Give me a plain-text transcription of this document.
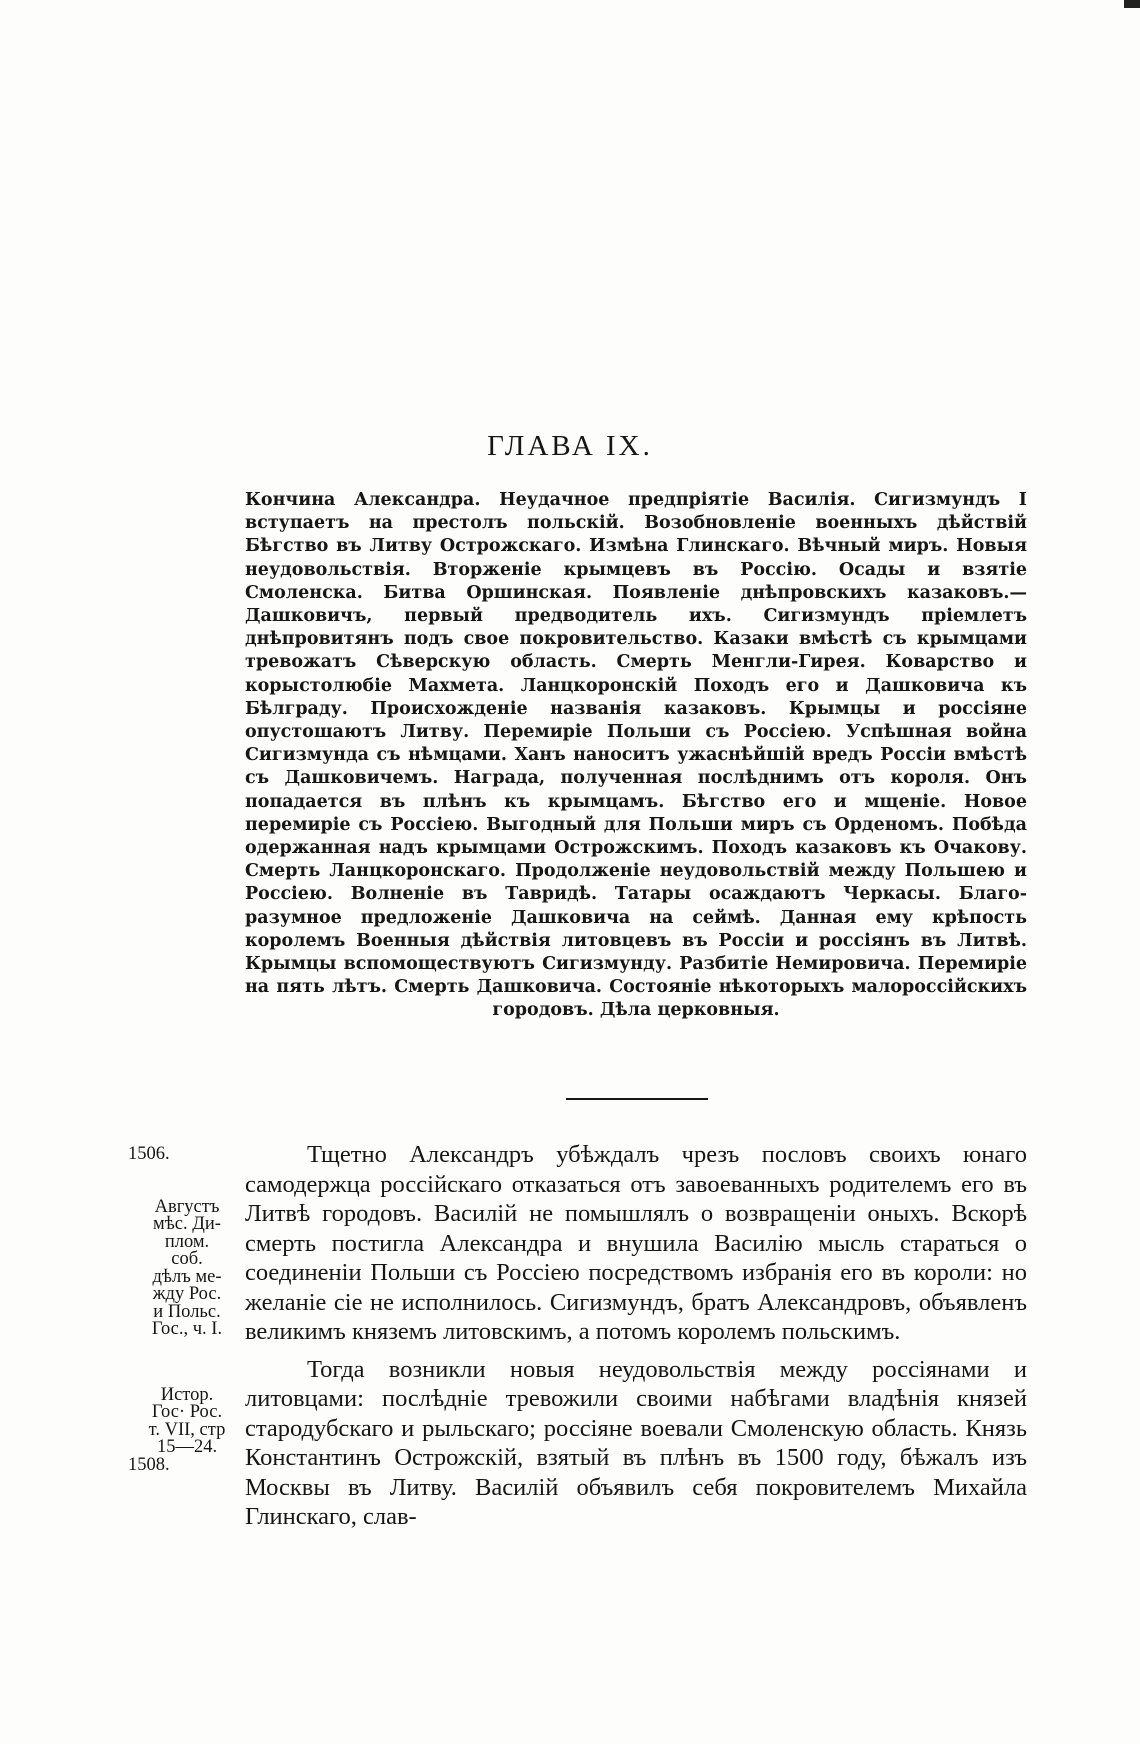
ГЛАВА IX.

Кончина Александра. Неудачное предпріятіе Василія. Сигизмундъ I вступаетъ на престолъ польскій. Возобновленіе военныхъ дѣйствій Бѣгство въ Литву Острожскаго. Измѣна Глинскаго. Вѣчный миръ. Новыя неудовольствія. Вторженіе крымцевъ въ Россію. Осады и взятіе Смоленска. Битва Оршинская. Появленіе днѣпровскихъ казаковъ.—Дашковичъ, первый предводитель ихъ. Сигизмундъ пріемлетъ днѣпровитянъ подъ свое покровительство. Казаки вмѣстѣ съ крымцами тревожатъ Сѣверскую область. Смерть Менгли-Гирея. Коварство и корыстолюбіе Махмета. Ланцкоронскій Походъ его и Дашковича къ Бѣлграду. Происхожденіе названія казаковъ. Крымцы и россіяне опустошаютъ Литву. Перемиріе Польши съ Россіею. Успѣшная война Сигизмунда съ нѣмцами. Ханъ наноситъ ужаснѣйшій вредъ Россіи вмѣстѣ съ Дашковичемъ. Награда, полученная послѣднимъ отъ короля. Онъ попадается въ плѣнъ къ крымцамъ. Бѣгство его и мщеніе. Новое перемиріе съ Россіею. Выгодный для Польши миръ съ Орденомъ. Побѣда одержанная надъ крымцами Острожскимъ. Походъ казаковъ къ Очакову. Смерть Ланцкоронскаго. Продолженіе неудовольствій между Польшею и Россіею. Волненіе въ Тавридѣ. Татары осаждаютъ Черкасы. Благоразумное предложеніе Дашковича на сеймѣ. Данная ему крѣпость королемъ Военныя дѣйствія литовцевъ въ Россіи и россіянъ въ Литвѣ. Крымцы вспомоществуютъ Сигизмунду. Разбитіе Немировича. Перемиріе на пять лѣтъ. Смерть Дашковича. Состояніе нѣкоторыхъ малороссійскихъ городовъ. Дѣла церковныя.

1506.
Августъ
мѣс. Ди-
плом.
соб.
дѣлъ ме-
жду Рос.
и Польс.
Гос., ч. I.
Истор.
Гос· Рос.
т. VII, стр
15—24.
1508.

Тщетно Александръ убѣждалъ чрезъ пословъ своихъ юнаго самодержца россійскаго отказаться отъ завоеванныхъ родителемъ его въ Литвѣ городовъ. Василій не помышлялъ о возвращеніи оныхъ. Вскорѣ смерть постигла Александра и внушила Василію мысль стараться о соединеніи Польши съ Россіею посредствомъ избранія его въ короли: но желаніе сіе не исполнилось. Сигизмундъ, братъ Александровъ, объявленъ великимъ княземъ литовскимъ, а потомъ королемъ польскимъ.

Тогда возникли новыя неудовольствія между россіянами и литовцами: послѣдніе тревожили своими набѣгами владѣнія князей стародубскаго и рыльскаго; россіяне воевали Смоленскую область. Князь Константинъ Острожскій, взятый въ плѣнъ въ 1500 году, бѣжалъ изъ Москвы въ Литву. Василій объявилъ себя покровителемъ Михайла Глинскаго, слав-
